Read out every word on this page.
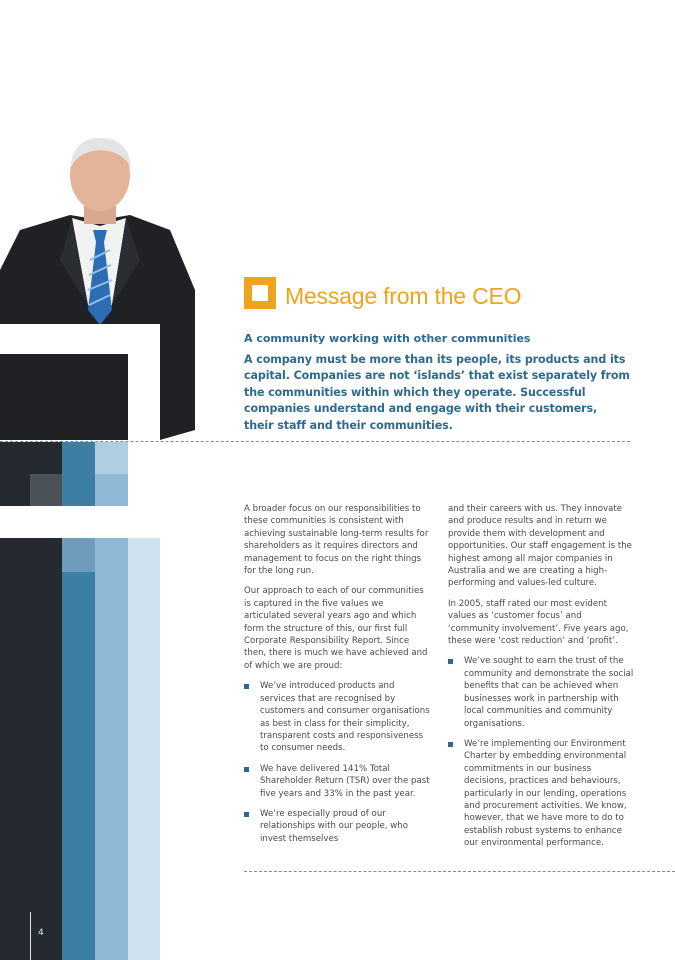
Message from the CEO
A community working with other communities
A company must be more than its people, its products and its capital. Companies are not ‘islands’ that exist separately from the communities within which they operate. Successful companies understand and engage with their customers, their staff and their communities.

A broader focus on our responsibilities to these communities is consistent with achieving sustainable long-term results for shareholders as it requires directors and management to focus on the right things for the long run.

Our approach to each of our communities is captured in the five values we articulated several years ago and which form the structure of this, our first full Corporate Responsibility Report. Since then, there is much we have achieved and of which we are proud:

We’ve introduced products and services that are recognised by customers and consumer organisations as best in class for their simplicity, transparent costs and responsiveness to consumer needs.
We have delivered 141% Total Shareholder Return (TSR) over the past five years and 33% in the past year.
We’re especially proud of our relationships with our people, who invest themselves

and their careers with us. They innovate and produce results and in return we provide them with development and opportunities. Our staff engagement is the highest among all major companies in Australia and we are creating a high-performing and values-led culture.

In 2005, staff rated our most evident values as ‘customer focus’ and ‘community involvement’. Five years ago, these were ‘cost reduction’ and ‘profit’.

We’ve sought to earn the trust of the community and demonstrate the social benefits that can be achieved when businesses work in partnership with local communities and community organisations.
We’re implementing our Environment Charter by embedding environmental commitments in our business decisions, practices and behaviours, particularly in our lending, operations and procurement activities. We know, however, that we have more to do to establish robust systems to enhance our environmental performance.
4
